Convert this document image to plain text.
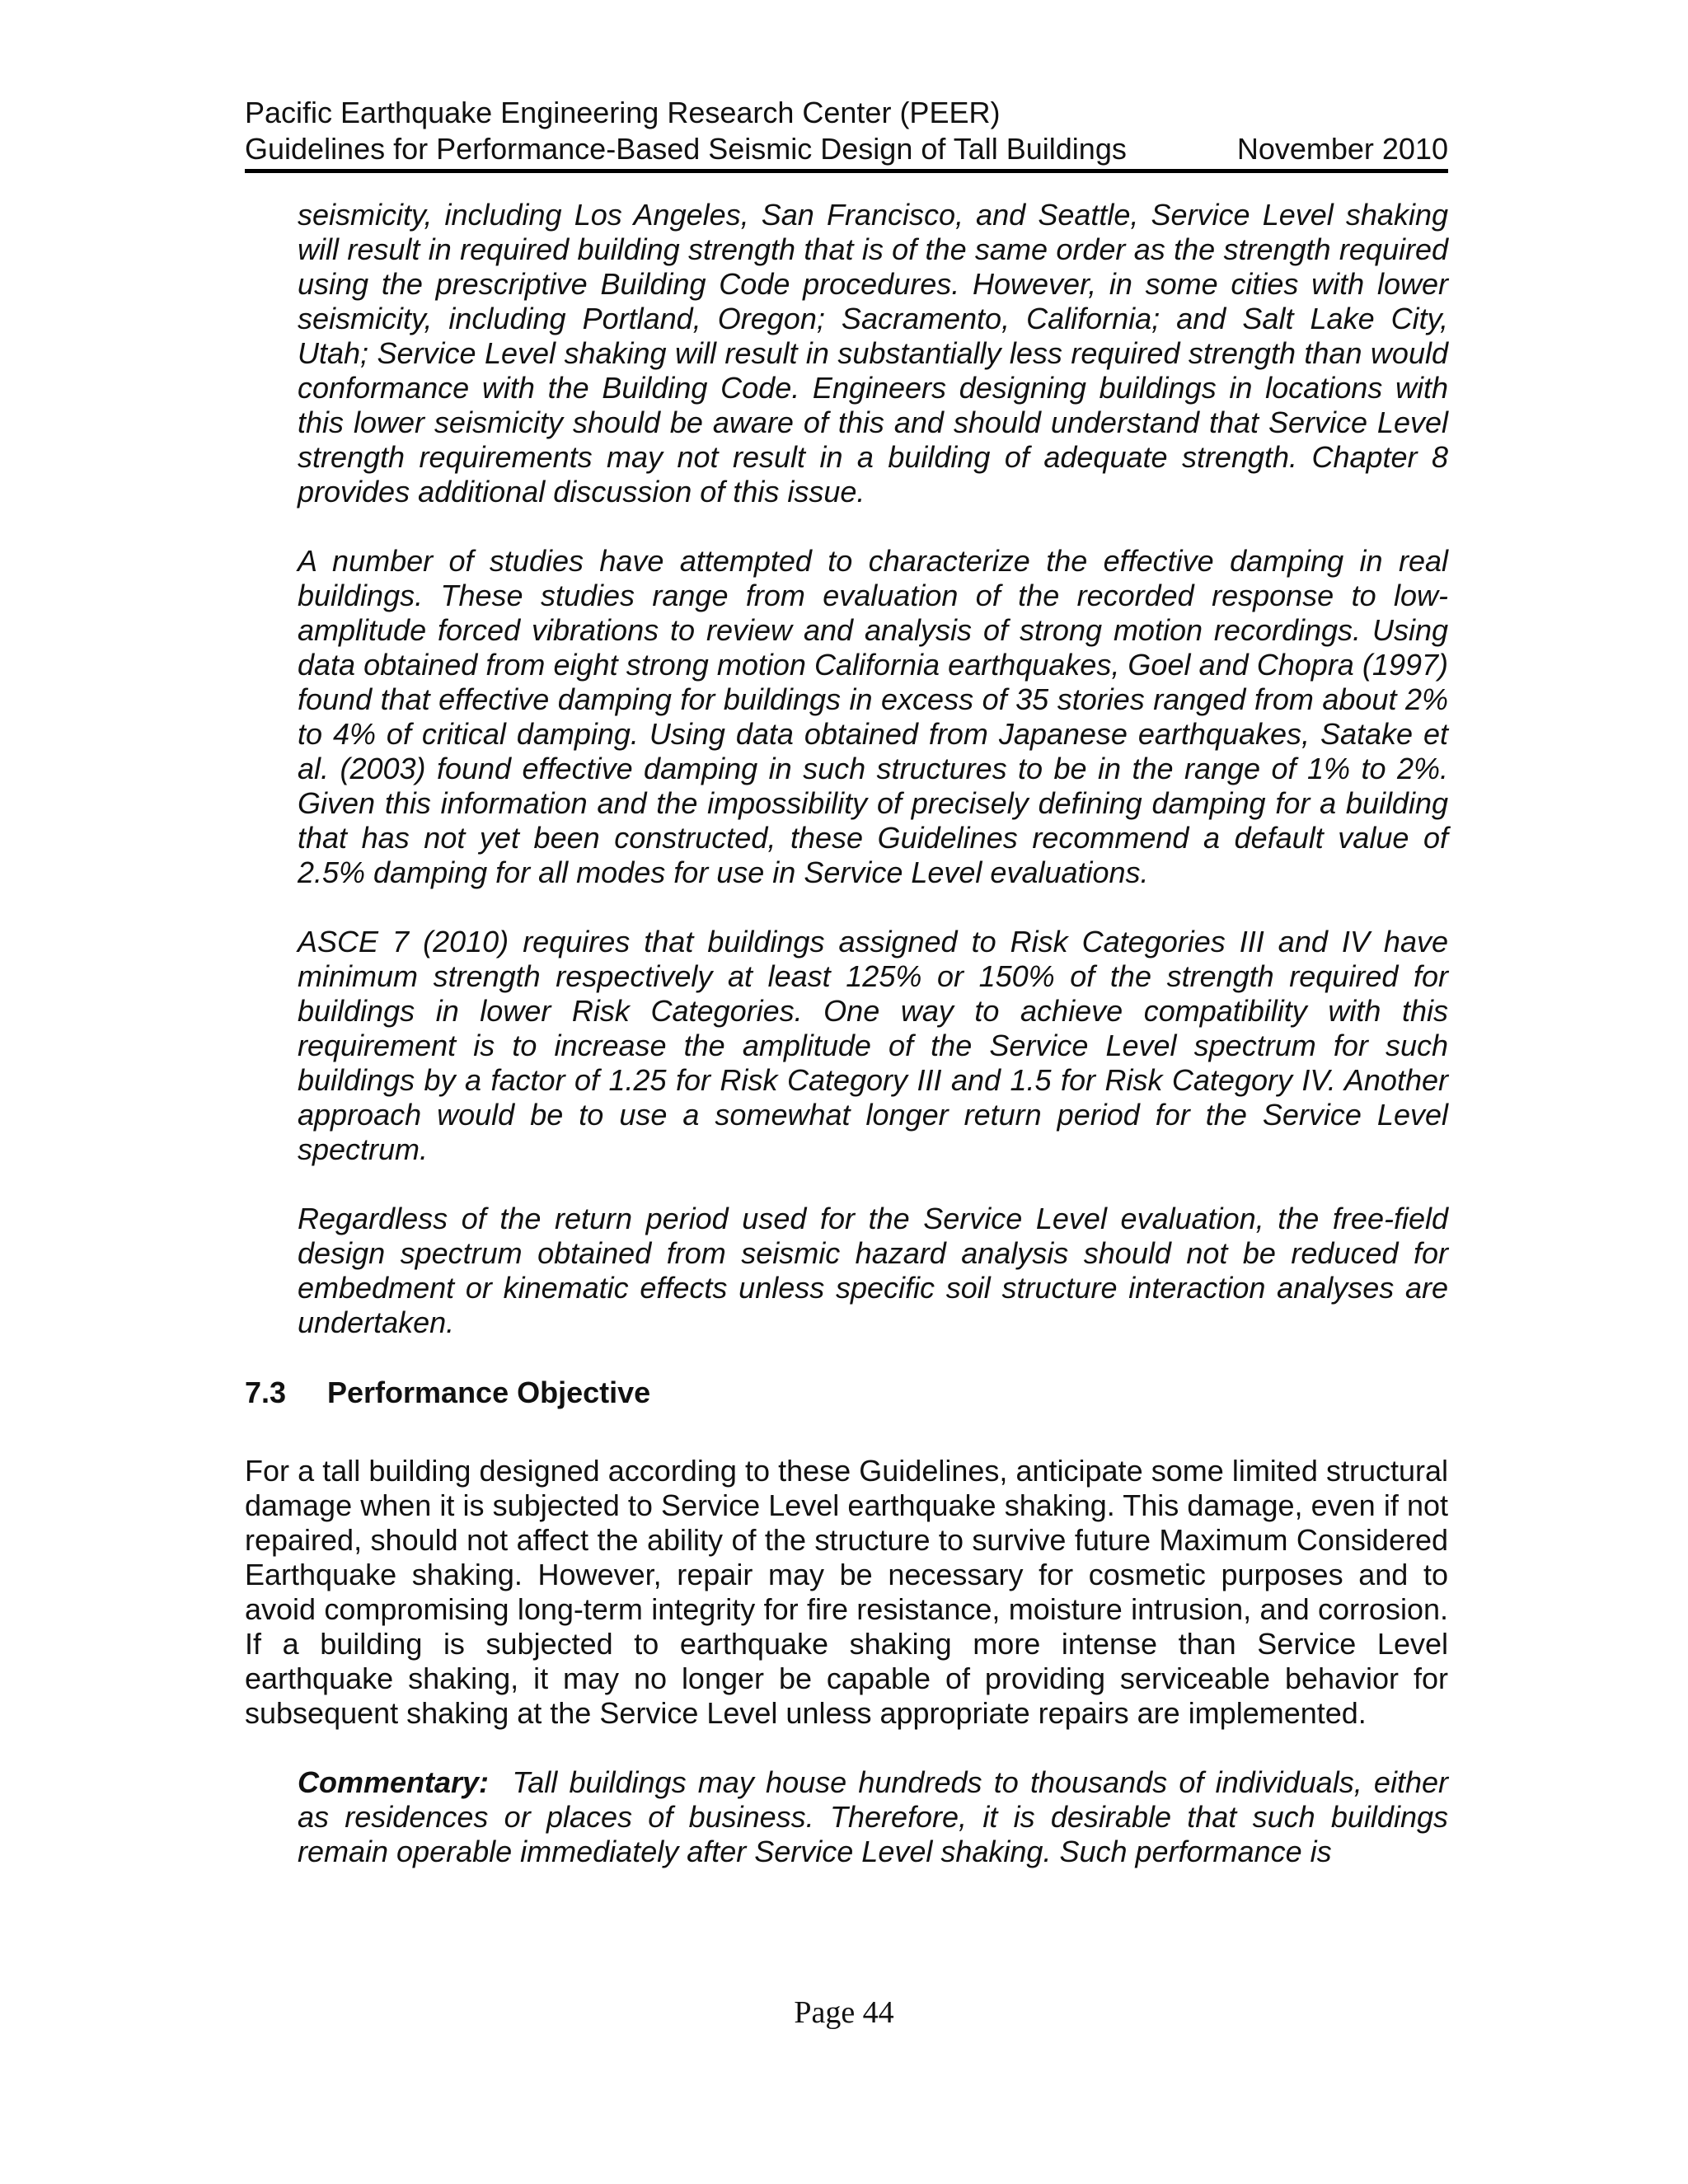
Pacific Earthquake Engineering Research Center (PEER)
Guidelines for Performance-Based Seismic Design of Tall Buildings	November 2010

seismicity, including Los Angeles, San Francisco, and Seattle, Service Level shaking will result in required building strength that is of the same order as the strength required using the prescriptive Building Code procedures. However, in some cities with lower seismicity, including Portland, Oregon; Sacramento, California; and Salt Lake City, Utah; Service Level shaking will result in substantially less required strength than would conformance with the Building Code. Engineers designing buildings in locations with this lower seismicity should be aware of this and should understand that Service Level strength requirements may not result in a building of adequate strength. Chapter 8 provides additional discussion of this issue.

A number of studies have attempted to characterize the effective damping in real buildings. These studies range from evaluation of the recorded response to low-amplitude forced vibrations to review and analysis of strong motion recordings. Using data obtained from eight strong motion California earthquakes, Goel and Chopra (1997) found that effective damping for buildings in excess of 35 stories ranged from about 2% to 4% of critical damping. Using data obtained from Japanese earthquakes, Satake et al. (2003) found effective damping in such structures to be in the range of 1% to 2%. Given this information and the impossibility of precisely defining damping for a building that has not yet been constructed, these Guidelines recommend a default value of 2.5% damping for all modes for use in Service Level evaluations.

ASCE 7 (2010) requires that buildings assigned to Risk Categories III and IV have minimum strength respectively at least 125% or 150% of the strength required for buildings in lower Risk Categories. One way to achieve compatibility with this requirement is to increase the amplitude of the Service Level spectrum for such buildings by a factor of 1.25 for Risk Category III and 1.5 for Risk Category IV. Another approach would be to use a somewhat longer return period for the Service Level spectrum.

Regardless of the return period used for the Service Level evaluation, the free-field design spectrum obtained from seismic hazard analysis should not be reduced for embedment or kinematic effects unless specific soil structure interaction analyses are undertaken.

7.3 Performance Objective

For a tall building designed according to these Guidelines, anticipate some limited structural damage when it is subjected to Service Level earthquake shaking. This damage, even if not repaired, should not affect the ability of the structure to survive future Maximum Considered Earthquake shaking. However, repair may be necessary for cosmetic purposes and to avoid compromising long-term integrity for fire resistance, moisture intrusion, and corrosion. If a building is subjected to earthquake shaking more intense than Service Level earthquake shaking, it may no longer be capable of providing serviceable behavior for subsequent shaking at the Service Level unless appropriate repairs are implemented.

Commentary: Tall buildings may house hundreds to thousands of individuals, either as residences or places of business. Therefore, it is desirable that such buildings remain operable immediately after Service Level shaking. Such performance is

Page 44
